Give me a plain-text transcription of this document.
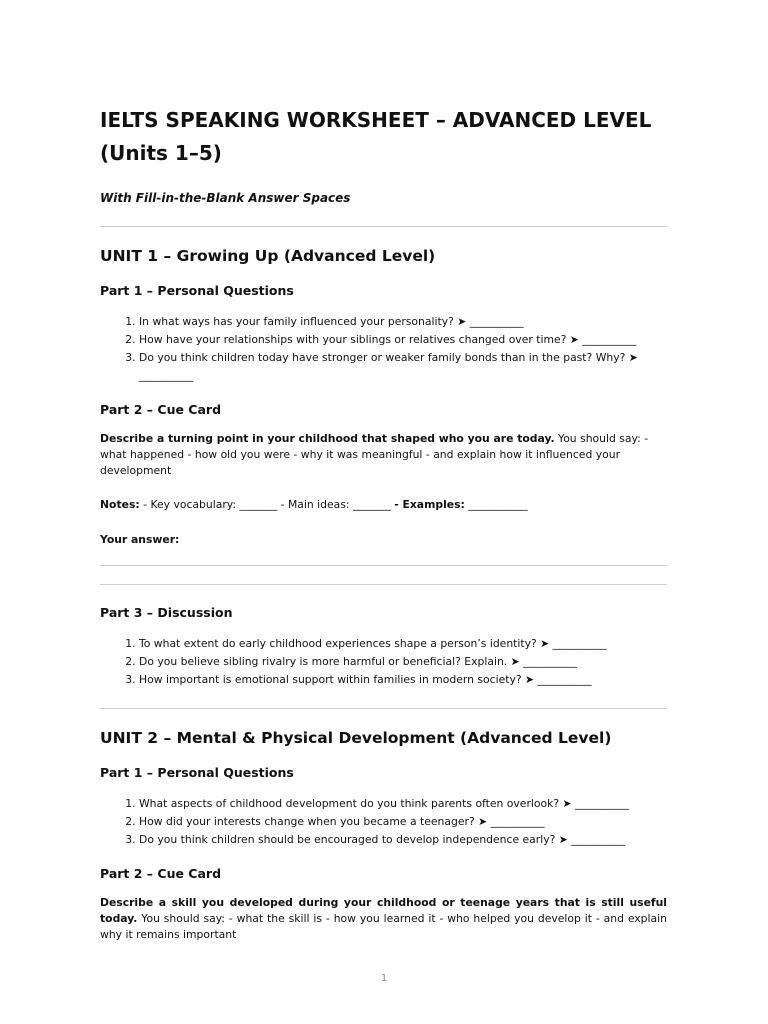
IELTS SPEAKING WORKSHEET – ADVANCED LEVEL
(Units 1–5)

With Fill-in-the-Blank Answer Spaces

UNIT 1 – Growing Up (Advanced Level)
Part 1 – Personal Questions
1. In what ways has your family influenced your personality? ➤ __________
2. How have your relationships with your siblings or relatives changed over time? ➤ __________
3. Do you think children today have stronger or weaker family bonds than in the past? Why? ➤ __________
Part 2 – Cue Card

Describe a turning point in your childhood that shaped who you are today. You should say: - what happened - how old you were - why it was meaningful - and explain how it influenced your development

Notes: - Key vocabulary: _______ - Main ideas: _______ - Examples: ___________

Your answer:

Part 3 – Discussion
1. To what extent do early childhood experiences shape a person’s identity? ➤ __________
2. Do you believe sibling rivalry is more harmful or beneficial? Explain. ➤ __________
3. How important is emotional support within families in modern society? ➤ __________
UNIT 2 – Mental & Physical Development (Advanced Level)
Part 1 – Personal Questions
1. What aspects of childhood development do you think parents often overlook? ➤ __________
2. How did your interests change when you became a teenager? ➤ __________
3. Do you think children should be encouraged to develop independence early? ➤ __________
Part 2 – Cue Card

Describe a skill you developed during your childhood or teenage years that is still useful today. You should say: - what the skill is - how you learned it - who helped you develop it - and explain why it remains important

1
